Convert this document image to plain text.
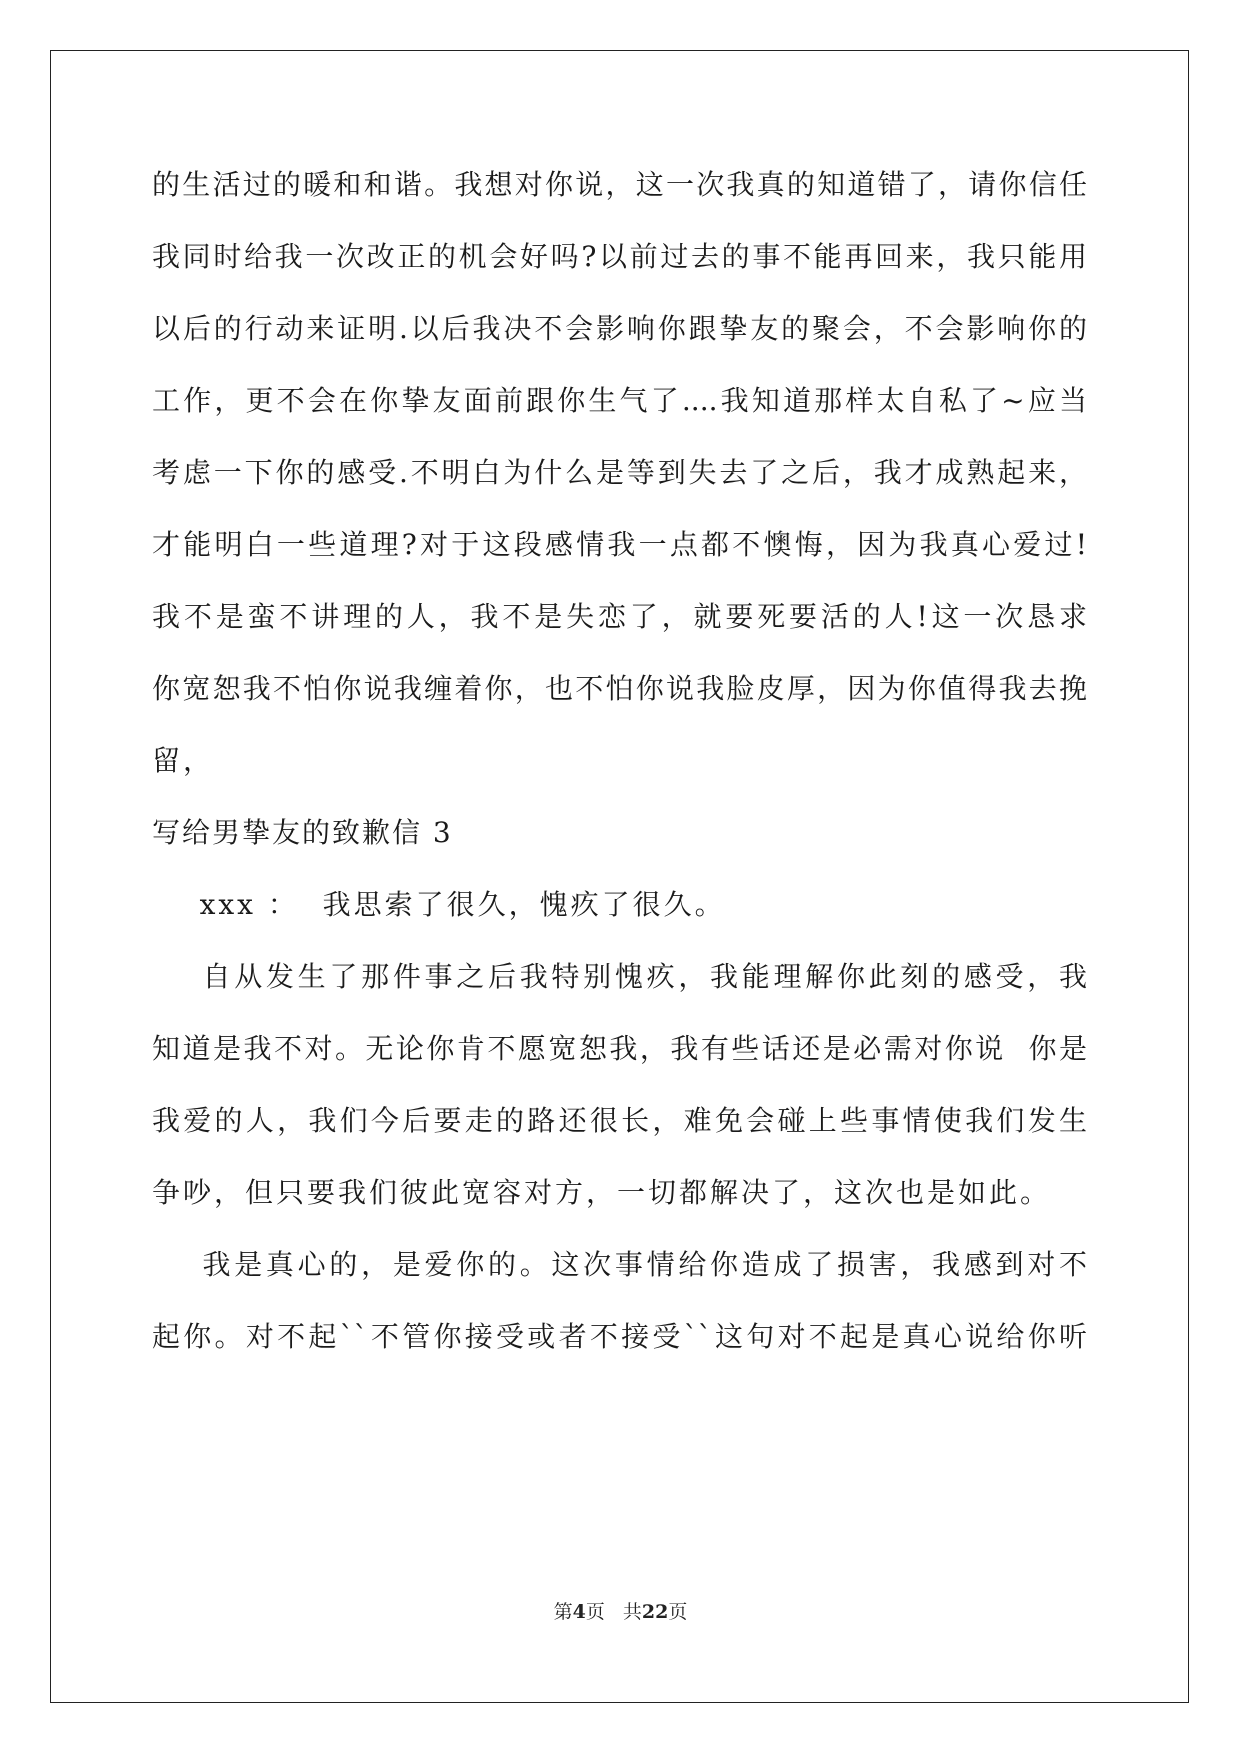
的生活过的暖和和谐。我想对你说，这一次我真的知道错了，请你信任
我同时给我一次改正的机会好吗?以前过去的事不能再回来，我只能用
以后的行动来证明.以后我决不会影响你跟挚友的聚会，不会影响你的
工作，更不会在你挚友面前跟你生气了....我知道那样太自私了~应当
考虑一下你的感受.不明白为什么是等到失去了之后，我才成熟起来，
才能明白一些道理?对于这段感情我一点都不懊悔，因为我真心爱过!
我不是蛮不讲理的人，我不是失恋了，就要死要活的人!这一次恳求
你宽恕我不怕你说我缠着你，也不怕你说我脸皮厚，因为你值得我去挽
留，
写给男挚友的致歉信 3
xxx ：  我思索了很久，愧疚了很久。
自从发生了那件事之后我特别愧疚，我能理解你此刻的感受，我
知道是我不对。无论你肯不愿宽恕我，我有些话还是必需对你说  你是
我爱的人，我们今后要走的路还很长，难免会碰上些事情使我们发生
争吵，但只要我们彼此宽容对方，一切都解决了，这次也是如此。
我是真心的，是爱你的。这次事情给你造成了损害，我感到对不
起你。对不起``不管你接受或者不接受``这句对不起是真心说给你听
第4页 共22页
